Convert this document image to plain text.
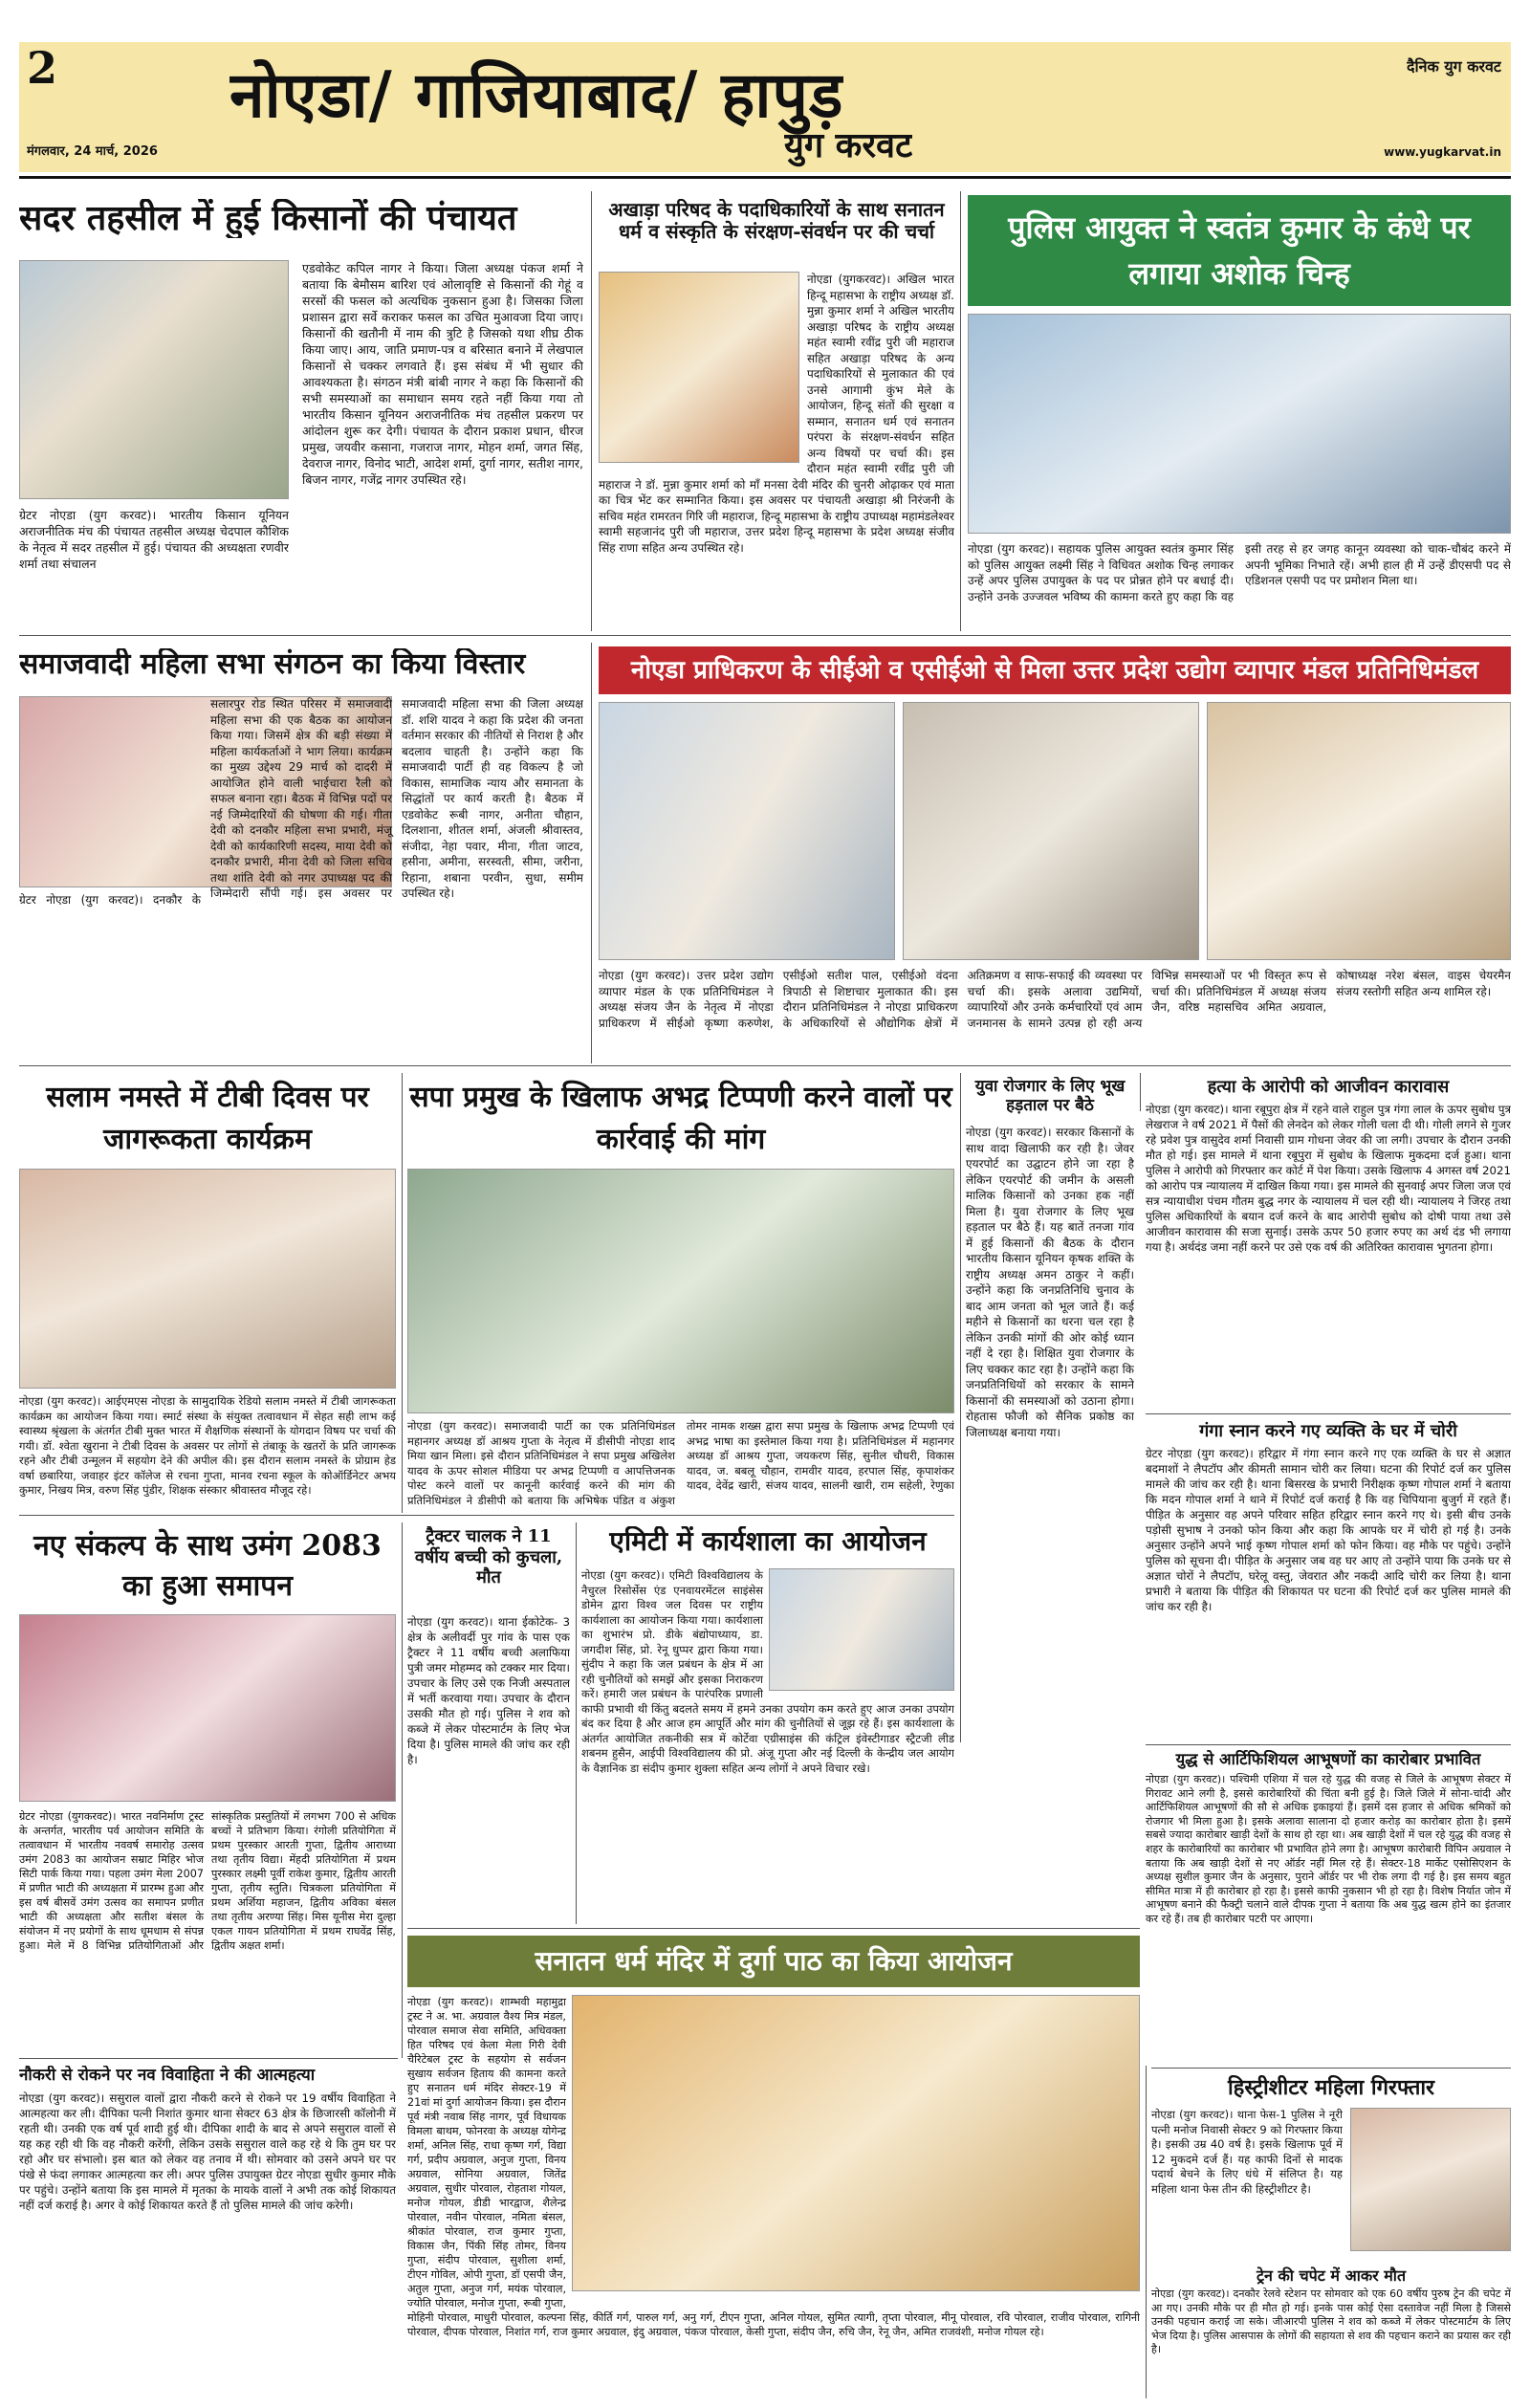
2	नोएडा/ गाजियाबाद/ हापुड़
युग करवट
दैनिक युग करवट
मंगलवार, 24 मार्च, 2026	www.yugkarvat.in
सदर तहसील में हुई किसानों की पंचायत
ग्रेटर नोएडा (युग करवट)। भारतीय किसान यूनियन अराजनीतिक मंच की पंचायत तहसील अध्यक्ष चेदपाल कौशिक के नेतृत्व में सदर तहसील में हुई। पंचायत की अध्यक्षता रणवीर शर्मा तथा संचालन
एडवोकेट कपिल नागर ने किया। जिला अध्यक्ष पंकज शर्मा ने बताया कि बेमौसम बारिश एवं ओलावृष्टि से किसानों की गेहूं व सरसों की फसल को अत्यधिक नुकसान हुआ है। जिसका जिला प्रशासन द्वारा सर्वे कराकर फसल का उचित मुआवजा दिया जाए। किसानों की खतौनी में नाम की त्रुटि है जिसको यथा शीघ्र ठीक किया जाए। आय, जाति प्रमाण-पत्र व बरिसात बनाने में लेखपाल किसानों से चक्कर लगवाते हैं। इस संबंध में भी सुधार की आवश्यकता है। संगठन मंत्री बांबी नागर ने कहा कि किसानों की सभी समस्याओं का समाधान समय रहते नहीं किया गया तो भारतीय किसान यूनियन अराजनीतिक मंच तहसील प्रकरण पर आंदोलन शुरू कर देगी। पंचायत के दौरान प्रकाश प्रधान, धीरज प्रमुख, जयवीर कसाना, गजराज नागर, मोहन शर्मा, जगत सिंह, देवराज नागर, विनोद भाटी, आदेश शर्मा, दुर्गा नागर, सतीश नागर, बिजन नागर, गजेंद्र नागर उपस्थित रहे।
अखाड़ा परिषद के पदाधिकारियों के साथ सनातन धर्म व संस्कृति के संरक्षण-संवर्धन पर की चर्चा
नोएडा (युगकरवट)। अखिल भारत हिन्दू महासभा के राष्ट्रीय अध्यक्ष डॉ. मुन्ना कुमार शर्मा ने अखिल भारतीय अखाड़ा परिषद के राष्ट्रीय अध्यक्ष महंत स्वामी रवींद्र पुरी जी महाराज सहित अखाड़ा परिषद के अन्य पदाधिकारियों से मुलाकात की एवं उनसे आगामी कुंभ मेले के आयोजन, हिन्दू संतों की सुरक्षा व सम्मान, सनातन धर्म एवं सनातन परंपरा के संरक्षण-संवर्धन सहित अन्य विषयों पर चर्चा की। इस दौरान महंत स्वामी रवींद्र पुरी जी महाराज ने डॉ. मुन्ना कुमार शर्मा को माँ मनसा देवी मंदिर की चुनरी ओढ़ाकर एवं माता का चित्र भेंट कर सम्मानित किया। इस अवसर पर पंचायती अखाड़ा श्री निरंजनी के सचिव महंत रामरतन गिरि जी महाराज, हिन्दू महासभा के राष्ट्रीय उपाध्यक्ष महामंडलेश्वर स्वामी सहजानंद पुरी जी महाराज, उत्तर प्रदेश हिन्दू महासभा के प्रदेश अध्यक्ष संजीव सिंह राणा सहित अन्य उपस्थित रहे।
पुलिस आयुक्त ने स्वतंत्र कुमार के कंधे पर लगाया अशोक चिन्ह
नोएडा (युग करवट)। सहायक पुलिस आयुक्त स्वतंत्र कुमार सिंह को पुलिस आयुक्त लक्ष्मी सिंह ने विधिवत अशोक चिन्ह लगाकर उन्हें अपर पुलिस उपायुक्त के पद पर प्रोन्नत होने पर बधाई दी। उन्होंने उनके उज्जवल भविष्य की कामना करते हुए कहा कि वह इसी तरह से हर जगह कानून व्यवस्था को चाक-चौबंद करने में अपनी भूमिका निभाते रहें। अभी हाल ही में उन्हें डीएसपी पद से एडिशनल एसपी पद पर प्रमोशन मिला था।
समाजवादी महिला सभा संगठन का किया विस्तार
ग्रेटर नोएडा (युग करवट)। दनकौर के सलारपुर रोड स्थित परिसर में समाजवादी महिला सभा की एक बैठक का आयोजन किया गया। जिसमें क्षेत्र की बड़ी संख्या में महिला कार्यकर्ताओं ने भाग लिया। कार्यक्रम का मुख्य उद्देश्य 29 मार्च को दादरी में आयोजित होने वाली भाईचारा रैली को सफल बनाना रहा। बैठक में विभिन्न पदों पर नई जिम्मेदारियों की घोषणा की गई। गीता देवी को दनकौर महिला सभा प्रभारी, मंजू देवी को कार्यकारिणी सदस्य, माया देवी को दनकौर प्रभारी, मीना देवी को जिला सचिव तथा शांति देवी को नगर उपाध्यक्ष पद की जिम्मेदारी सौंपी गई। इस अवसर पर समाजवादी महिला सभा की जिला अध्यक्ष डॉ. शशि यादव ने कहा कि प्रदेश की जनता वर्तमान सरकार की नीतियों से निराश है और बदलाव चाहती है। उन्होंने कहा कि समाजवादी पार्टी ही वह विकल्प है जो विकास, सामाजिक न्याय और समानता के सिद्धांतों पर कार्य करती है। बैठक में एडवोकेट रूबी नागर, अनीता चौहान, दिलशाना, शीतल शर्मा, अंजली श्रीवास्तव, संजीदा, नेहा पवार, मीना, गीता जाटव, हसीना, अमीना, सरस्वती, सीमा, जरीना, रिहाना, शबाना परवीन, सुधा, समीम उपस्थित रहे।
नोएडा प्राधिकरण के सीईओ व एसीईओ से मिला उत्तर प्रदेश उद्योग व्यापार मंडल प्रतिनिधिमंडल
नोएडा (युग करवट)। उत्तर प्रदेश उद्योग व्यापार मंडल के एक प्रतिनिधिमंडल ने अध्यक्ष संजय जैन के नेतृत्व में नोएडा प्राधिकरण में सीईओ कृष्णा करुणेश, एसीईओ सतीश पाल, एसीईओ वंदना त्रिपाठी से शिष्टाचार मुलाकात की। इस दौरान प्रतिनिधिमंडल ने नोएडा प्राधिकरण के अधिकारियों से औद्योगिक क्षेत्रों में अतिक्रमण व साफ-सफाई की व्यवस्था पर चर्चा की। इसके अलावा उद्यमियों, व्यापारियों और उनके कर्मचारियों एवं आम जनमानस के सामने उत्पन्न हो रही अन्य विभिन्न समस्याओं पर भी विस्तृत रूप से चर्चा की। प्रतिनिधिमंडल में अध्यक्ष संजय जैन, वरिष्ठ महासचिव अमित अग्रवाल, कोषाध्यक्ष नरेश बंसल, वाइस चेयरमैन संजय रस्तोगी सहित अन्य शामिल रहे।
सलाम नमस्ते में टीबी दिवस पर जागरूकता कार्यक्रम
नोएडा (युग करवट)। आईएमएस नोएडा के सामुदायिक रेडियो सलाम नमस्ते में टीबी जागरूकता कार्यक्रम का आयोजन किया गया। स्मार्ट संस्था के संयुक्त तत्वावधान में सेहत सही लाभ कई स्वास्थ्य श्रृंखला के अंतर्गत टीबी मुक्त भारत में शैक्षणिक संस्थानों के योगदान विषय पर चर्चा की गयी। डॉ. श्वेता खुराना ने टीबी दिवस के अवसर पर लोगों से तंबाकू के खतरों के प्रति जागरूक रहने और टीबी उन्मूलन में सहयोग देने की अपील की। इस दौरान सलाम नमस्ते के प्रोग्राम हेड वर्षा छबारिया, जवाहर इंटर कॉलेज से रचना गुप्ता, मानव रचना स्कूल के कोऑर्डिनेटर अभय कुमार, निखय मित्र, वरुण सिंह पुंडीर, शिक्षक संस्कार श्रीवास्तव मौजूद रहे।
सपा प्रमुख के खिलाफ अभद्र टिप्पणी करने वालों पर कार्रवाई की मांग
नोएडा (युग करवट)। समाजवादी पार्टी का एक प्रतिनिधिमंडल महानगर अध्यक्ष डॉ आश्रय गुप्ता के नेतृत्व में डीसीपी नोएडा शाद मिया खान मिला। इसे दौरान प्रतिनिधिमंडल ने सपा प्रमुख अखिलेश यादव के ऊपर सोशल मीडिया पर अभद्र टिप्पणी व आपत्तिजनक पोस्ट करने वालों पर कानूनी कार्रवाई करने की मांग की प्रतिनिधिमंडल ने डीसीपी को बताया कि अभिषेक पंडित व अंकुश तोमर नामक शख्स द्वारा सपा प्रमुख के खिलाफ अभद्र टिप्पणी एवं अभद्र भाषा का इस्तेमाल किया गया है। प्रतिनिधिमंडल में महानगर अध्यक्ष डॉ आश्रय गुप्ता, जयकरण सिंह, सुनील चौधरी, विकास यादव, ज. बबलू चौहान, रामवीर यादव, हरपाल सिंह, कृपाशंकर यादव, देवेंद्र खारी, संजय यादव, सालनी खारी, राम सहेली, रेणुका
युवा रोजगार के लिए भूख हड़ताल पर बैठे
नोएडा (युग करवट)। सरकार किसानों के साथ वादा खिलाफी कर रही है। जेवर एयरपोर्ट का उद्घाटन होने जा रहा है लेकिन एयरपोर्ट की जमीन के असली मालिक किसानों को उनका हक नहीं मिला है। युवा रोजगार के लिए भूख हड़ताल पर बैठे हैं। यह बातें तनजा गांव में हुई किसानों की बैठक के दौरान भारतीय किसान यूनियन कृषक शक्ति के राष्ट्रीय अध्यक्ष अमन ठाकुर ने कहीं। उन्होंने कहा कि जनप्रतिनिधि चुनाव के बाद आम जनता को भूल जाते हैं। कई महीने से किसानों का धरना चल रहा है लेकिन उनकी मांगों की ओर कोई ध्यान नहीं दे रहा है। शिक्षित युवा रोजगार के लिए चक्कर काट रहा है। उन्होंने कहा कि जनप्रतिनिधियों को सरकार के सामने किसानों की समस्याओं को उठाना होगा। रोहतास फौजी को सैनिक प्रकोष्ठ का जिलाध्यक्ष बनाया गया।
हत्या के आरोपी को आजीवन कारावास
नोएडा (युग करवट)। थाना रबूपुरा क्षेत्र में रहने वाले राहुल पुत्र गंगा लाल के ऊपर सुबोध पुत्र लेखराज ने वर्ष 2021 में पैसों की लेनदेन को लेकर गोली चला दी थी। गोली लगने से गुजर रहे प्रवेश पुत्र वासुदेव शर्मा निवासी ग्राम गोधना जेवर की जा लगी। उपचार के दौरान उनकी मौत हो गई। इस मामले में थाना रबूपुरा में सुबोध के खिलाफ मुकदमा दर्ज हुआ। थाना पुलिस ने आरोपी को गिरफ्तार कर कोर्ट में पेश किया। उसके खिलाफ 4 अगस्त वर्ष 2021 को आरोप पत्र न्यायालय में दाखिल किया गया। इस मामले की सुनवाई अपर जिला जज एवं सत्र न्यायाधीश पंचम गौतम बुद्ध नगर के न्यायालय में चल रही थी। न्यायालय ने जिरह तथा पुलिस अधिकारियों के बयान दर्ज करने के बाद आरोपी सुबोध को दोषी पाया तथा उसे आजीवन कारावास की सजा सुनाई। उसके ऊपर 50 हजार रुपए का अर्थ दंड भी लगाया गया है। अर्थदंड जमा नहीं करने पर उसे एक वर्ष की अतिरिक्त कारावास भुगतना होगा।
गंगा स्नान करने गए व्यक्ति के घर में चोरी
ग्रेटर नोएडा (युग करवट)। हरिद्वार में गंगा स्नान करने गए एक व्यक्ति के घर से अज्ञात बदमाशों ने लैपटॉप और कीमती सामान चोरी कर लिया। घटना की रिपोर्ट दर्ज कर पुलिस मामले की जांच कर रही है। थाना बिसरख के प्रभारी निरीक्षक कृष्ण गोपाल शर्मा ने बताया कि मदन गोपाल शर्मा ने थाने में रिपोर्ट दर्ज कराई है कि वह चिपियाना बुजुर्ग में रहते हैं। पीड़ित के अनुसार वह अपने परिवार सहित हरिद्वार स्नान करने गए थे। इसी बीच उनके पड़ोसी सुभाष ने उनको फोन किया और कहा कि आपके घर में चोरी हो गई है। उनके अनुसार उन्होंने अपने भाई कृष्ण गोपाल शर्मा को फोन किया। वह मौके पर पहुंचे। उन्होंने पुलिस को सूचना दी। पीड़ित के अनुसार जब वह घर आए तो उन्होंने पाया कि उनके घर से अज्ञात चोरों ने लैपटॉप, घरेलू वस्तु, जेवरात और नकदी आदि चोरी कर लिया है। थाना प्रभारी ने बताया कि पीड़ित की शिकायत पर घटना की रिपोर्ट दर्ज कर पुलिस मामले की जांच कर रही है।
नए संकल्प के साथ उमंग 2083 का हुआ समापन
ग्रेटर नोएडा (युगकरवट)। भारत नवनिर्माण ट्रस्ट के अन्तर्गत, भारतीय पर्व आयोजन समिति के तत्वावधान में भारतीय नववर्ष समारोह उत्सव उमंग 2083 का आयोजन सम्राट मिहिर भोज सिटी पार्क किया गया। पहला उमंग मेला 2007 में प्रणीत भाटी की अध्यक्षता में प्रारम्भ हुआ और इस वर्ष बीसवें उमंग उत्सव का समापन प्रणीत भाटी की अध्यक्षता और सतीश बंसल के संयोजन में नए प्रयोगों के साथ धूमधाम से संपन्न हुआ। मेले में 8 विभिन्न प्रतियोगिताओं और सांस्कृतिक प्रस्तुतियों में लगभग 700 से अधिक बच्चों ने प्रतिभाग किया। रंगोली प्रतियोगिता में प्रथम पुरस्कार आरती गुप्ता, द्वितीय आराध्या तथा तृतीय विद्या। मेंहदी प्रतियोगिता में प्रथम पुरस्कार लक्ष्मी पूर्वी राकेश कुमार, द्वितीय आरती गुप्ता, तृतीय स्तुति। चित्रकला प्रतियोगिता में प्रथम अर्शिया महाजन, द्वितीय अविका बंसल तथा तृतीय अरण्या सिंह। मिस यूनीस मेरा दुल्हा एकल गायन प्रतियोगिता में प्रथम राघवेंद्र सिंह, द्वितीय अक्षत शर्मा।
ट्रैक्टर चालक ने 11 वर्षीय बच्ची को कुचला, मौत
नोएडा (युग करवट)। थाना ईकोटेक- 3 क्षेत्र के अलीवर्दी पुर गांव के पास एक ट्रैक्टर ने 11 वर्षीय बच्ची अलाफिया पुत्री जमर मोहम्मद को टक्कर मार दिया। उपचार के लिए उसे एक निजी अस्पताल में भर्ती करवाया गया। उपचार के दौरान उसकी मौत हो गई। पुलिस ने शव को कब्जे में लेकर पोस्टमार्टम के लिए भेज दिया है। पुलिस मामले की जांच कर रही है।
एमिटी में कार्यशाला का आयोजन
नोएडा (युग करवट)। एमिटी विश्वविद्यालय के नैचुरल रिसोर्सेस एंड एनवायरमेंटल साइंसेस डोमेन द्वारा विश्व जल दिवस पर राष्ट्रीय कार्यशाला का आयोजन किया गया। कार्यशाला का शुभारंभ प्रो. डीके बंद्योपाध्याय, डा. जगदीश सिंह, प्रो. रेनू धुप्पर द्वारा किया गया। सुंदीप ने कहा कि जल प्रबंधन के क्षेत्र में आ रही चुनौतियों को समझें और इसका निराकरण करें। हमारी जल प्रबंधन के पारंपरिक प्रणाली काफी प्रभावी थी किंतु बदलते समय में हमने उनका उपयोग कम करते हुए आज उनका उपयोग बंद कर दिया है और आज हम आपूर्ति और मांग की चुनौतियों से जूझ रहे हैं। इस कार्यशाला के अंतर्गत आयोजित तकनीकी सत्र में कोर्टेवा एग्रीसाइंस की कंट्रिल इंवेस्टीगाडर स्ट्रैटजी लीड शबनम हुसैन, आईपी विश्वविद्यालय की प्रो. अंजू गुप्ता और नई दिल्ली के केन्द्रीय जल आयोग के वैज्ञानिक डा संदीप कुमार शुक्ला सहित अन्य लोगों ने अपने विचार रखे।	युद्ध से आर्टिफिशियल आभूषणों का कारोबार प्रभावित
नोएडा (युग करवट)। पश्चिमी एशिया में चल रहे युद्ध की वजह से जिले के आभूषण सेक्टर में गिरावट आने लगी है, इससे कारोबारियों की चिंता बनी हुई है। जिले जिले में सोना-चांदी और आर्टिफिशियल आभूषणों की सौ से अधिक इकाइयां हैं। इसमें दस हजार से अधिक श्रमिकों को रोजगार भी मिला हुआ है। इसके अलावा सालाना दो हजार करोड़ का कारोबार होता है। इसमें सबसे ज्यादा कारोबार खाड़ी देशों के साथ हो रहा था। अब खाड़ी देशों में चल रहे युद्ध की वजह से शहर के कारोबारियों का कारोबार भी प्रभावित होने लगा है। आभूषण कारोबारी विपिन अग्रवाल ने बताया कि अब खाड़ी देशों से नए ऑर्डर नहीं मिल रहे हैं। सेक्टर-18 मार्केट एसोसिएशन के अध्यक्ष सुशील कुमार जैन के अनुसार, पुराने ऑर्डर पर भी रोक लगा दी गई है। इस समय बहुत सीमित मात्रा में ही कारोबार हो रहा है। इससे काफी नुकसान भी हो रहा है। विशेष निर्यात जोन में आभूषण बनाने की फैक्ट्री चलाने वाले दीपक गुप्ता ने बताया कि अब युद्ध खत्म होने का इंतजार कर रहे हैं। तब ही कारोबार पटरी पर आएगा।
नौकरी से रोकने पर नव विवाहिता ने की आत्महत्या
नोएडा (युग करवट)। ससुराल वालों द्वारा नौकरी करने से रोकने पर 19 वर्षीय विवाहिता ने आत्महत्या कर ली। दीपिका पत्नी निशांत कुमार थाना सेक्टर 63 क्षेत्र के छिजारसी कॉलोनी में रहती थी। उनकी एक वर्ष पूर्व शादी हुई थी। दीपिका शादी के बाद से अपने ससुराल वालों से यह कह रही थी कि वह नौकरी करेंगी, लेकिन उसके ससुराल वाले कह रहे थे कि तुम घर पर रहो और घर संभालो। इस बात को लेकर वह तनाव में थी। सोमवार को उसने अपने घर पर पंखे से फंदा लगाकर आत्महत्या कर ली। अपर पुलिस उपायुक्त ग्रेटर नोएडा सुधीर कुमार मौके पर पहुंचे। उन्होंने बताया कि इस मामले में मृतका के मायके वालों ने अभी तक कोई शिकायत नहीं दर्ज कराई है। अगर वे कोई शिकायत करते हैं तो पुलिस मामले की जांच करेगी।
सनातन धर्म मंदिर में दुर्गा पाठ का किया आयोजन
नोएडा (युग करवट)। शाम्भवी महामुद्रा ट्रस्ट ने अ. भा. अग्रवाल वैश्य मित्र मंडल, पोरवाल समाज सेवा समिति, अधिवक्ता हित परिषद एवं केला मेला गिरी देवी चैरिटेबल ट्रस्ट के सहयोग से सर्वजन सुखाय सर्वजन हिताय की कामना करते हुए सनातन धर्म मंदिर सेक्टर-19 में 21वां मां दुर्गा आयोजन किया। इस दौरान पूर्व मंत्री नवाब सिंह नागर, पूर्व विधायक विमला बाथम, फोनरवा के अध्यक्ष योगेन्द्र शर्मा, अनिल सिंह, राधा कृष्ण गर्ग, विद्या गर्ग, प्रदीप अग्रवाल, अनुज गुप्ता, विनय अग्रवाल, सोनिया अग्रवाल, जितेंद्र अग्रवाल, सुधीर पोरवाल, रोहताश गोयल, मनोज गोयल, डीडी भारद्वाज, शैलेन्द्र पोरवाल, नवीन पोरवाल, नमिता बंसल, श्रीकांत पोरवाल, राज कुमार गुप्ता, विकास जैन, पिंकी सिंह तोमर, विनय गुप्ता, संदीप पोरवाल, सुशीला शर्मा, टीएन गोविल, ओपी गुप्ता, डॉ एसपी जैन, अतुल गुप्ता, अनुज गर्ग, मयंक पोरवाल, ज्योति पोरवाल, मनोज गुप्ता, रूबी गुप्ता, मोहिनी पोरवाल, माधुरी पोरवाल, कल्पना सिंह, कीर्ति गर्ग, पारुल गर्ग, अनु गर्ग, टीएन गुप्ता, अनिल गोयल, सुमित त्यागी, तृप्ता पोरवाल, मीनू पोरवाल, रवि पोरवाल, राजीव पोरवाल, रागिनी पोरवाल, दीपक पोरवाल, निशांत गर्ग, राज कुमार अग्रवाल, इंदु अग्रवाल, पंकज पोरवाल, केसी गुप्ता, संदीप जैन, रुचि जैन, रेनू जैन, अमित राजवंशी, मनोज गोयल रहे।
हिस्ट्रीशीटर महिला गिरफ्तार
नोएडा (युग करवट)। थाना फेस-1 पुलिस ने नूरी पत्नी मनोज निवासी सेक्टर 9 को गिरफ्तार किया है। इसकी उम्र 40 वर्ष है। इसके खिलाफ पूर्व में 12 मुकदमे दर्ज हैं। यह काफी दिनों से मादक पदार्थ बेचने के लिए धंधे में संलिप्त है। यह महिला थाना फेस तीन की हिस्ट्रीशीटर है।
ट्रेन की चपेट में आकर मौत
नोएडा (युग करवट)। दनकौर रेलवे स्टेशन पर सोमवार को एक 60 वर्षीय पुरुष ट्रेन की चपेट में आ गए। उनकी मौके पर ही मौत हो गई। इनके पास कोई ऐसा दस्तावेज नहीं मिला है जिससे उनकी पहचान कराई जा सके। जीआरपी पुलिस ने शव को कब्जे में लेकर पोस्टमार्टम के लिए भेज दिया है। पुलिस आसपास के लोगों की सहायता से शव की पहचान कराने का प्रयास कर रही है।
